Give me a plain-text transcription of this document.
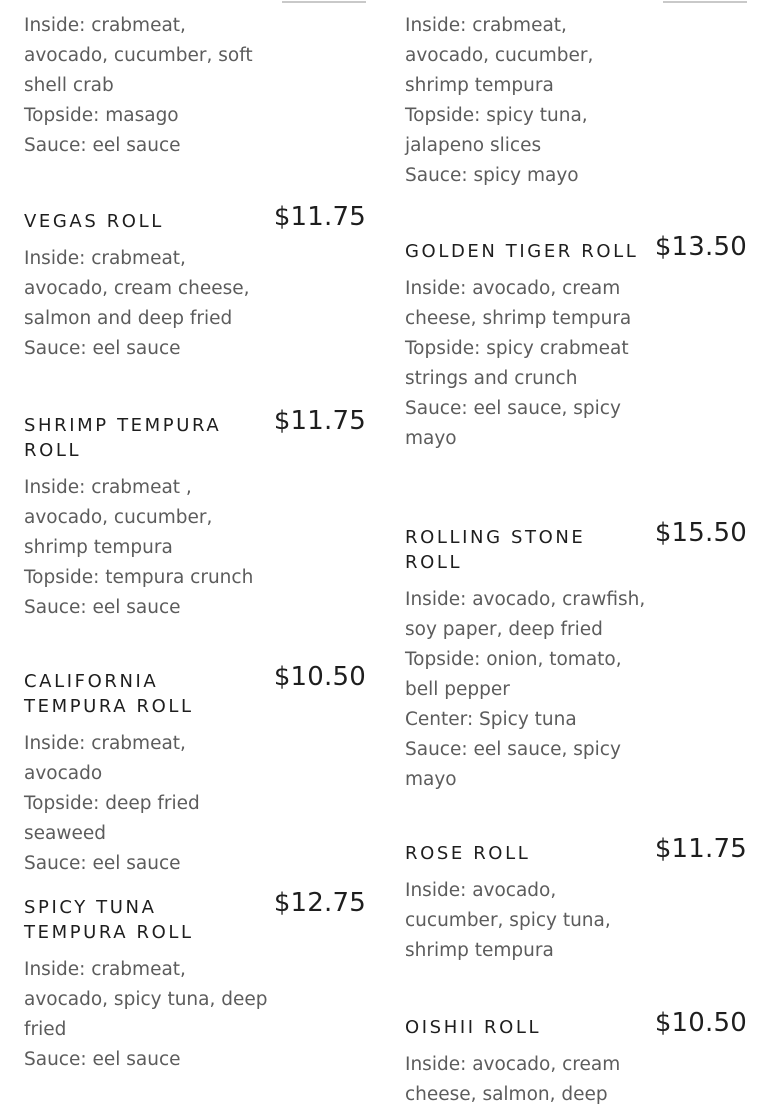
Inside: crabmeat, avocado, cucumber, soft shell crab
Topside: masago
Sauce: eel sauce
VEGAS ROLL	$11.75
Inside: crabmeat, avocado, cream cheese, salmon and deep fried
Sauce: eel sauce
SHRIMP TEMPURA ROLL
$11.75
Inside: crabmeat , avocado, cucumber, shrimp tempura
Topside: tempura crunch
Sauce: eel sauce
CALIFORNIA TEMPURA ROLL
$10.50
Inside: crabmeat, avocado
Topside: deep fried seaweed
Sauce: eel sauce
SPICY TUNA TEMPURA ROLL
$12.75
Inside: crabmeat, avocado, spicy tuna, deep fried
Sauce: eel sauce
Inside: crabmeat, avocado, cucumber, shrimp tempura
Topside: spicy tuna, jalapeno slices
Sauce: spicy mayo
GOLDEN TIGER ROLL $13.50
Inside: avocado, cream cheese, shrimp tempura
Topside: spicy crabmeat strings and crunch
Sauce: eel sauce, spicy mayo
ROLLING STONE ROLL
$15.50
Inside: avocado, crawfish, soy paper, deep fried
Topside: onion, tomato, bell pepper
Center: Spicy tuna
Sauce: eel sauce, spicy mayo
ROSE ROLL	$11.75
Inside: avocado, cucumber, spicy tuna, shrimp tempura
OISHII ROLL	$10.50
Inside: avocado, cream cheese, salmon, deep
